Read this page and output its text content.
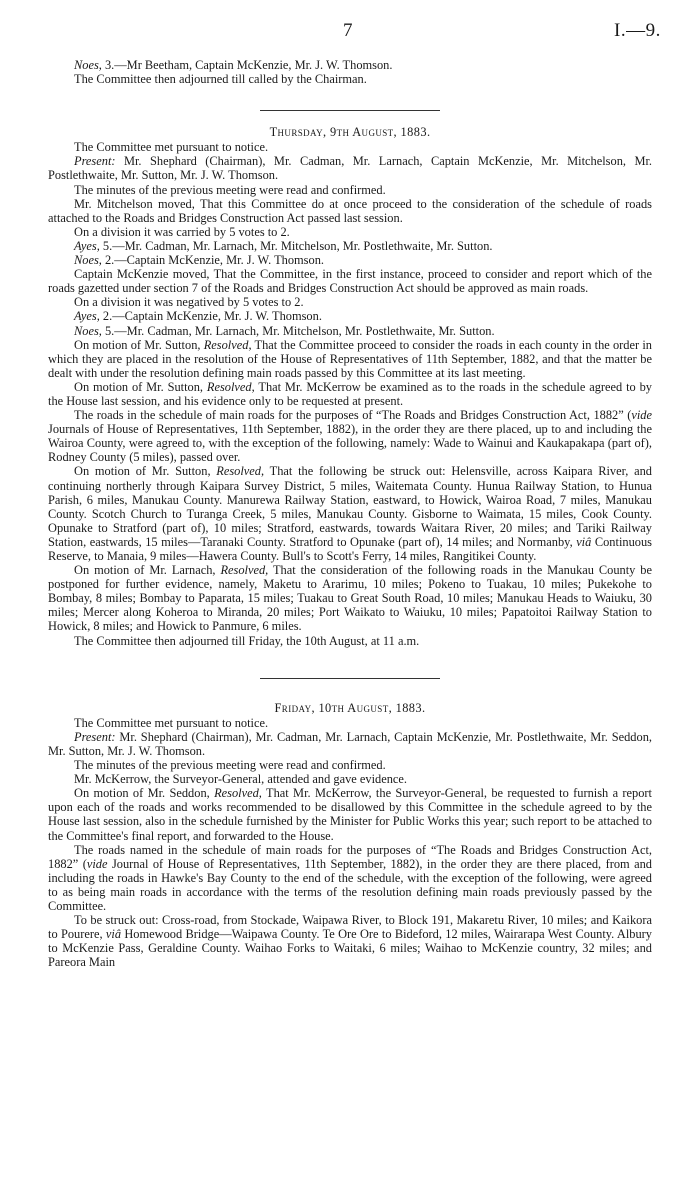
7	I.—9.

Noes, 3.—Mr Beetham, Captain McKenzie, Mr. J. W. Thomson.

The Committee then adjourned till called by the Chairman.

Thursday, 9th August, 1883.

The Committee met pursuant to notice.

Present: Mr. Shephard (Chairman), Mr. Cadman, Mr. Larnach, Captain McKenzie, Mr. Mitchelson, Mr. Postlethwaite, Mr. Sutton, Mr. J. W. Thomson.

The minutes of the previous meeting were read and confirmed.

Mr. Mitchelson moved, That this Committee do at once proceed to the consideration of the schedule of roads attached to the Roads and Bridges Construction Act passed last session.

On a division it was carried by 5 votes to 2.

Ayes, 5.—Mr. Cadman, Mr. Larnach, Mr. Mitchelson, Mr. Postlethwaite, Mr. Sutton.

Noes, 2.—Captain McKenzie, Mr. J. W. Thomson.

Captain McKenzie moved, That the Committee, in the first instance, proceed to consider and report which of the roads gazetted under section 7 of the Roads and Bridges Construction Act should be approved as main roads.

On a division it was negatived by 5 votes to 2.

Ayes, 2.—Captain McKenzie, Mr. J. W. Thomson.

Noes, 5.—Mr. Cadman, Mr. Larnach, Mr. Mitchelson, Mr. Postlethwaite, Mr. Sutton.

On motion of Mr. Sutton, Resolved, That the Committee proceed to consider the roads in each county in the order in which they are placed in the resolution of the House of Representatives of 11th September, 1882, and that the matter be dealt with under the resolution defining main roads passed by this Committee at its last meeting.

On motion of Mr. Sutton, Resolved, That Mr. McKerrow be examined as to the roads in the schedule agreed to by the House last session, and his evidence only to be requested at present.

The roads in the schedule of main roads for the purposes of “The Roads and Bridges Construction Act, 1882” (vide Journals of House of Representatives, 11th September, 1882), in the order they are there placed, up to and including the Wairoa County, were agreed to, with the exception of the following, namely: Wade to Wainui and Kaukapakapa (part of), Rodney County (5 miles), passed over.

On motion of Mr. Sutton, Resolved, That the following be struck out: Helensville, across Kaipara River, and continuing northerly through Kaipara Survey District, 5 miles, Waitemata County. Hunua Railway Station, to Hunua Parish, 6 miles, Manukau County. Manurewa Railway Station, eastward, to Howick, Wairoa Road, 7 miles, Manukau County. Scotch Church to Turanga Creek, 5 miles, Manukau County. Gisborne to Waimata, 15 miles, Cook County. Opunake to Stratford (part of), 10 miles; Stratford, eastwards, towards Waitara River, 20 miles; and Tariki Railway Station, eastwards, 15 miles—Taranaki County. Stratford to Opunake (part of), 14 miles; and Normanby, viâ Continuous Reserve, to Manaia, 9 miles—Hawera County. Bull's to Scott's Ferry, 14 miles, Rangitikei County.

On motion of Mr. Larnach, Resolved, That the consideration of the following roads in the Manukau County be postponed for further evidence, namely, Maketu to Ararimu, 10 miles; Pokeno to Tuakau, 10 miles; Pukekohe to Bombay, 8 miles; Bombay to Paparata, 15 miles; Tuakau to Great South Road, 10 miles; Manukau Heads to Waiuku, 30 miles; Mercer along Koheroa to Miranda, 20 miles; Port Waikato to Waiuku, 10 miles; Papatoitoi Railway Station to Howick, 8 miles; and Howick to Panmure, 6 miles.

The Committee then adjourned till Friday, the 10th August, at 11 a.m.

Friday, 10th August, 1883.

The Committee met pursuant to notice.

Present: Mr. Shephard (Chairman), Mr. Cadman, Mr. Larnach, Captain McKenzie, Mr. Postlethwaite, Mr. Seddon, Mr. Sutton, Mr. J. W. Thomson.

The minutes of the previous meeting were read and confirmed.

Mr. McKerrow, the Surveyor-General, attended and gave evidence.

On motion of Mr. Seddon, Resolved, That Mr. McKerrow, the Surveyor-General, be requested to furnish a report upon each of the roads and works recommended to be disallowed by this Committee in the schedule agreed to by the House last session, also in the schedule furnished by the Minister for Public Works this year; such report to be attached to the Committee's final report, and forwarded to the House.

The roads named in the schedule of main roads for the purposes of “The Roads and Bridges Construction Act, 1882” (vide Journal of House of Representatives, 11th September, 1882), in the order they are there placed, from and including the roads in Hawke's Bay County to the end of the schedule, with the exception of the following, were agreed to as being main roads in accordance with the terms of the resolution defining main roads previously passed by the Committee.

To be struck out: Cross-road, from Stockade, Waipawa River, to Block 191, Makaretu River, 10 miles; and Kaikora to Pourere, viâ Homewood Bridge—Waipawa County. Te Ore Ore to Bideford, 12 miles, Wairarapa West County. Albury to McKenzie Pass, Geraldine County. Waihao Forks to Waitaki, 6 miles; Waihao to McKenzie country, 32 miles; and Pareora Main
